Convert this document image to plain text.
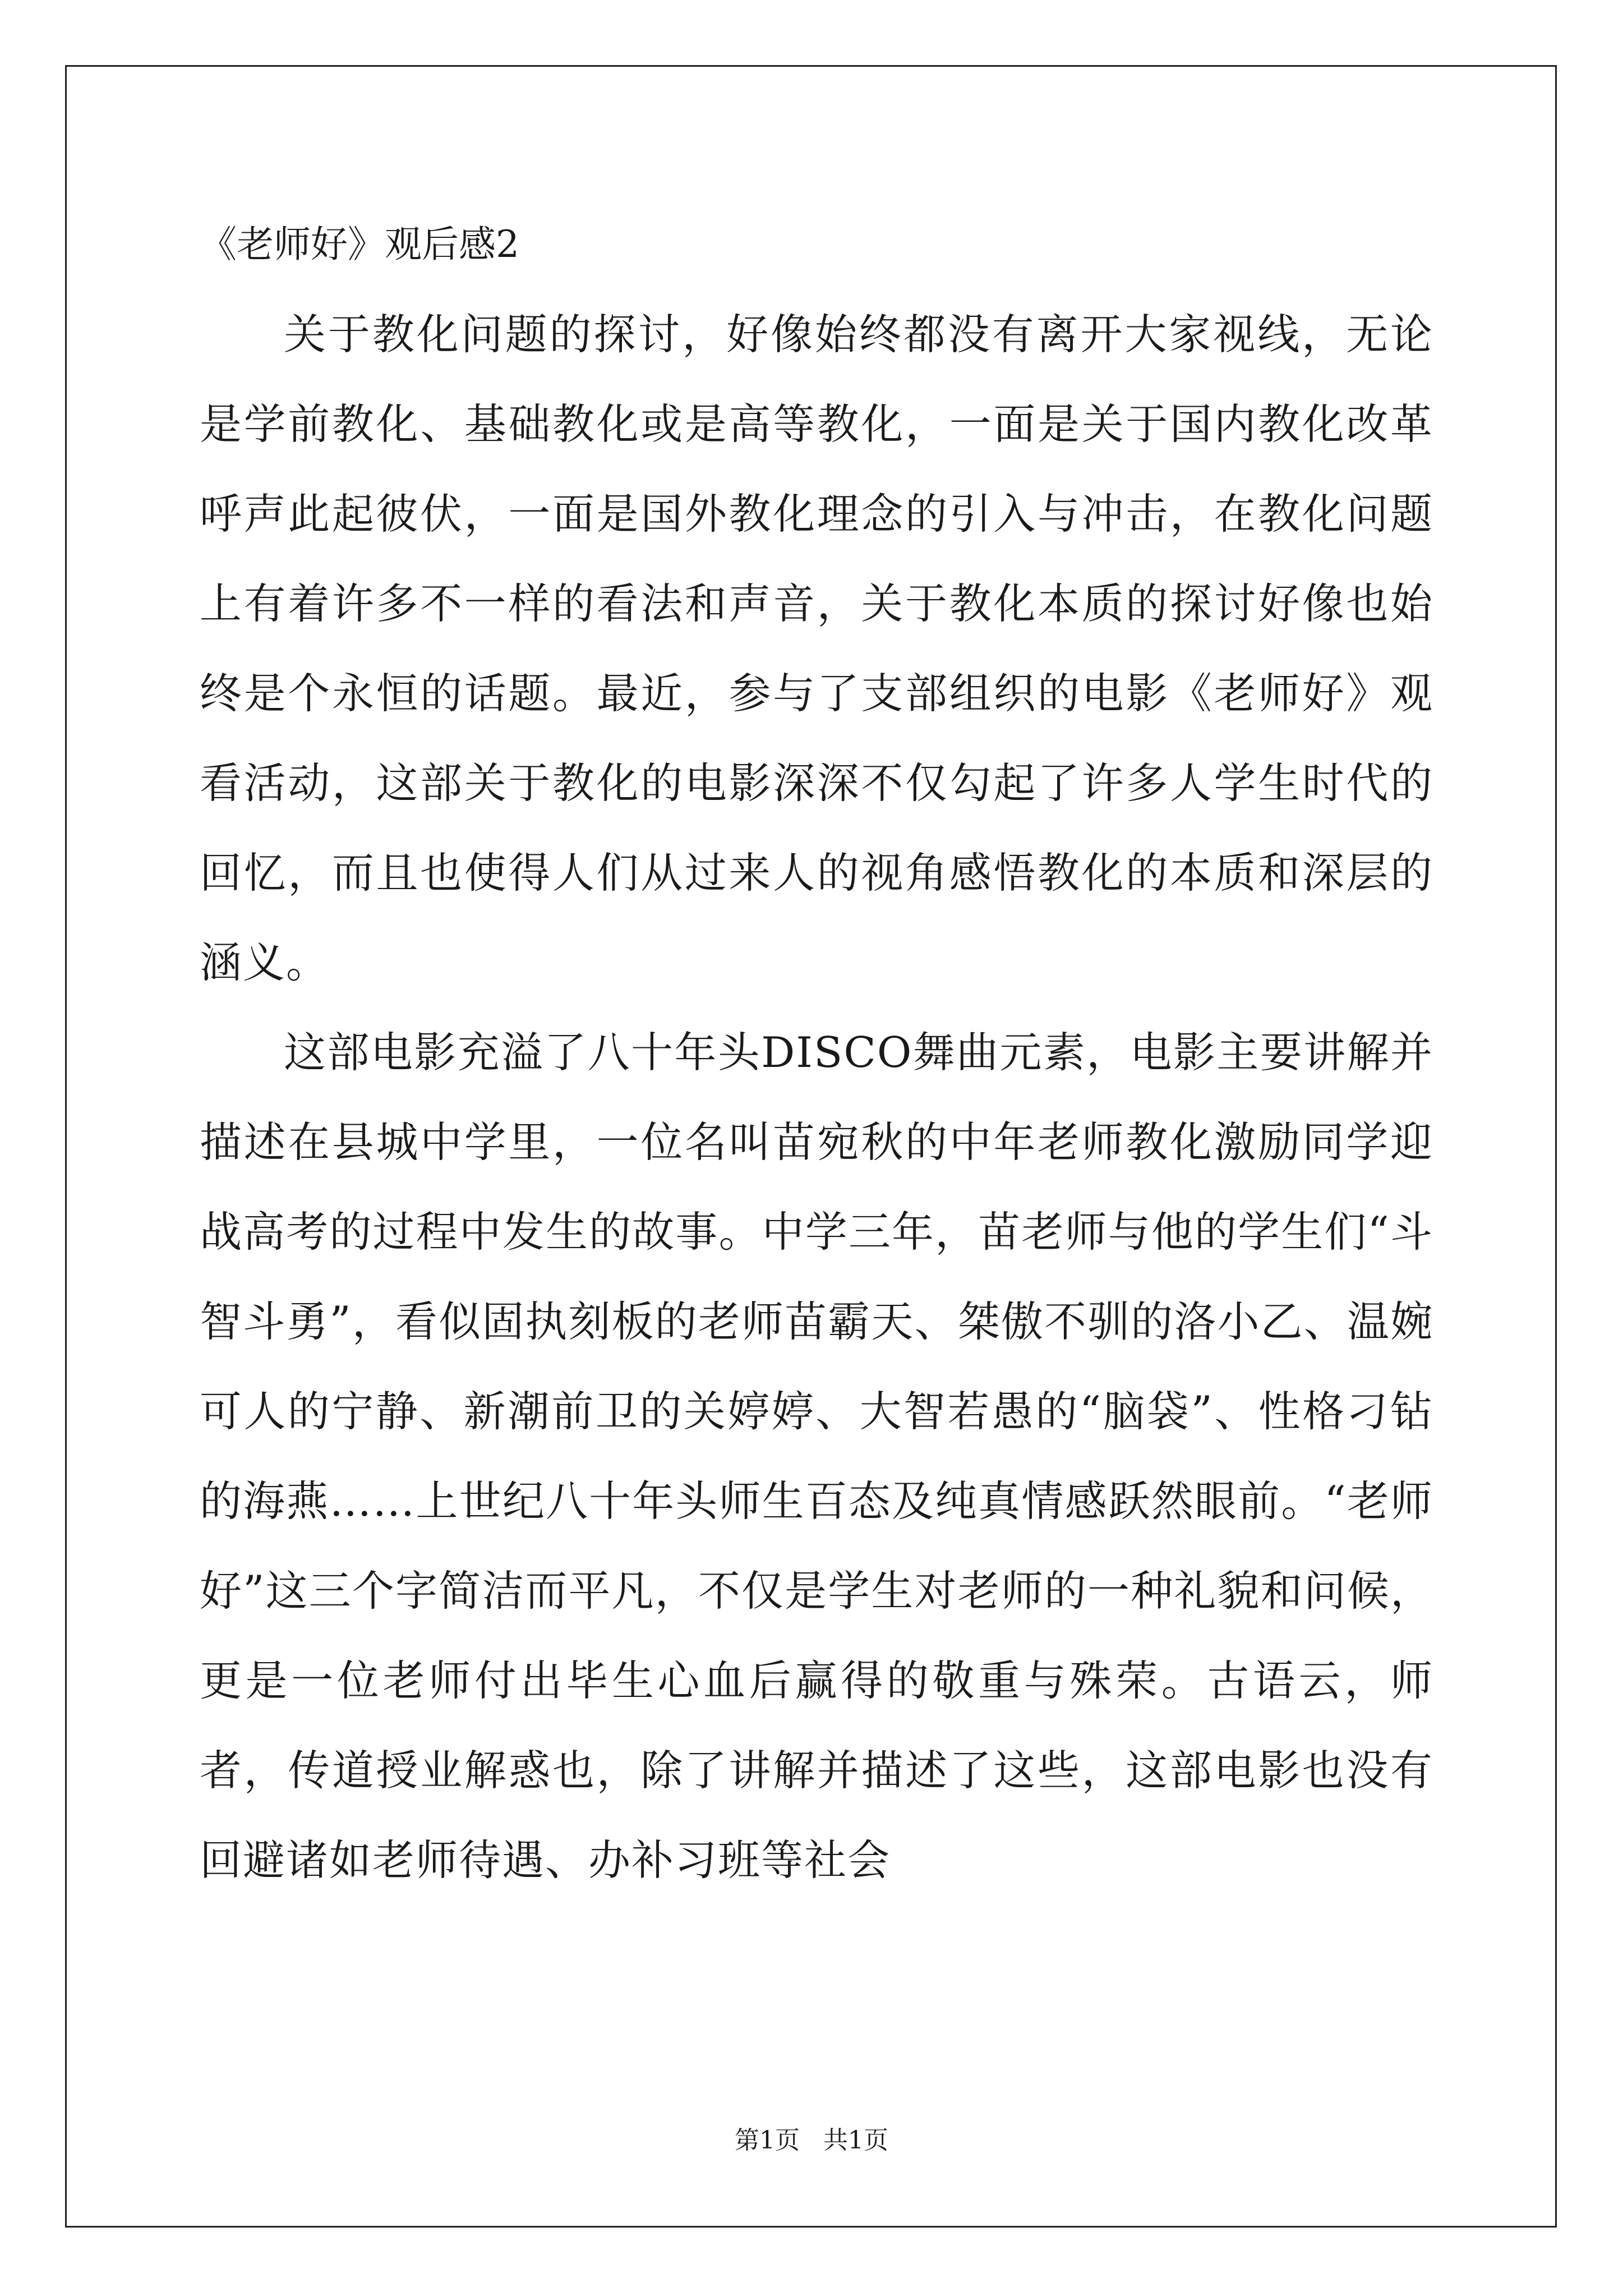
《老师好》观后感2

关于教化问题的探讨，好像始终都没有离开大家视线，无论是学前教化、基础教化或是高等教化，一面是关于国内教化改革呼声此起彼伏，一面是国外教化理念的引入与冲击，在教化问题上有着许多不一样的看法和声音，关于教化本质的探讨好像也始终是个永恒的话题。最近，参与了支部组织的电影《老师好》观看活动，这部关于教化的电影深深不仅勾起了许多人学生时代的回忆，而且也使得人们从过来人的视角感悟教化的本质和深层的涵义。

这部电影充溢了八十年头DISCO舞曲元素，电影主要讲解并描述在县城中学里，一位名叫苗宛秋的中年老师教化激励同学迎战高考的过程中发生的故事。中学三年，苗老师与他的学生们“斗智斗勇”，看似固执刻板的老师苗霸天、桀傲不驯的洛小乙、温婉可人的宁静、新潮前卫的关婷婷、大智若愚的“脑袋”、性格刁钻的海燕……上世纪八十年头师生百态及纯真情感跃然眼前。“老师好”这三个字简洁而平凡，不仅是学生对老师的一种礼貌和问候，更是一位老师付出毕生心血后赢得的敬重与殊荣。古语云，师者，传道授业解惑也，除了讲解并描述了这些，这部电影也没有回避诸如老师待遇、办补习班等社会

第1页   共1页
